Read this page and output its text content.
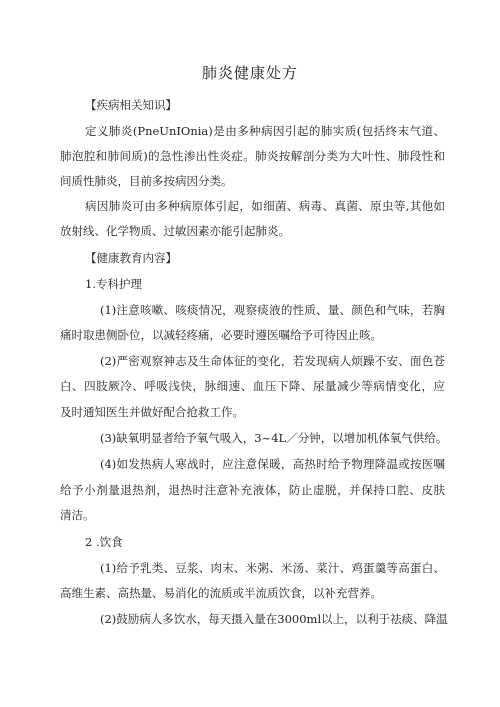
肺炎健康处方
【疾病相关知识】
定义肺炎(PneUnIOnia)是由多种病因引起的肺实质(包括终末气道、
肺泡腔和肺间质)的急性渗出性炎症。肺炎按解剖分类为大叶性、肺段性和
间质性肺炎，目前多按病因分类。
病因肺炎可由多种病原体引起，如细菌、病毒、真菌、原虫等,其他如
放射线、化学物质、过敏因素亦能引起肺炎。
【健康教育内容】
1.专科护理
(1)注意咳嗽、咳痰情况，观察痰液的性质、量、颜色和气味，若胸
痛时取患侧卧位，以减轻疼痛，必要时遵医嘱给予可待因止咳。
(2)严密观察神志及生命体征的变化，若发现病人烦躁不安、面色苍
白、四肢厥冷、呼吸浅快，脉细速、血压下降、尿量减少等病情变化，应
及时通知医生并做好配合抢救工作。
(3)缺氧明显者给予氧气吸入，3~4L／分钟，以增加机体氧气供给。
(4)如发热病人寒战时，应注意保暖，高热时给予物理降温或按医嘱
给予小剂量退热剂，退热时注意补充液体，防止虚脱，并保持口腔、皮肤
清洁。
2 .饮食
(1)给予乳类、豆浆、肉末、米粥、米汤、菜汁、鸡蛋羹等高蛋白、
高维生素、高热量、易消化的流质或半流质饮食，以补充营养。
(2)鼓励病人多饮水，每天摄入量在3000ml以上，以利于祛痰、降温
